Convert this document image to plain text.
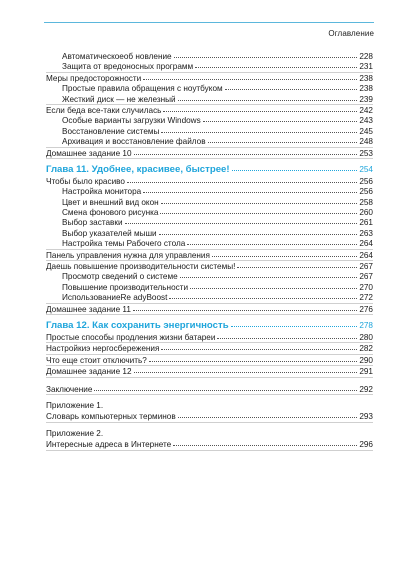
Оглавление
Автоматическоеоб новление	228
Защита от вредоносных программ	231
Меры предосторожности	238
Простые правила обращения с ноутбуком	238
Жесткий диск — не железный	239
Если беда все-таки случилась	242
Особые варианты загрузки Windows	243
Восстановление системы	245
Архивация и восстановление файлов	248
Домашнее задание 10	253
Глава 11. Удобнее, красивее, быстрее!	254
Чтобы было красиво	256
Настройка монитора	256
Цвет и внешний вид окон	258
Смена фонового рисунка	260
Выбор заставки	261
Выбор указателей мыши	263
Настройка темы Рабочего стола	264
Панель управления нужна для управления	264
Даешь повышение производительности системы!	267
Просмотр сведений о системе	267
Повышение производительности	270
ИспользованиеRe adyBoost	272
Домашнее задание 11	276
Глава 12. Как сохранить энергичность	278
Простые способы продления жизни батареи	280
Настройкиэ нергосбережения	282
Что еще стоит отключить?	290
Домашнее задание 12	291
Заключение	292
Приложение 1.
Словарь компьютерных терминов	293
Приложение 2.
Интересные адреса в Интернете	296
